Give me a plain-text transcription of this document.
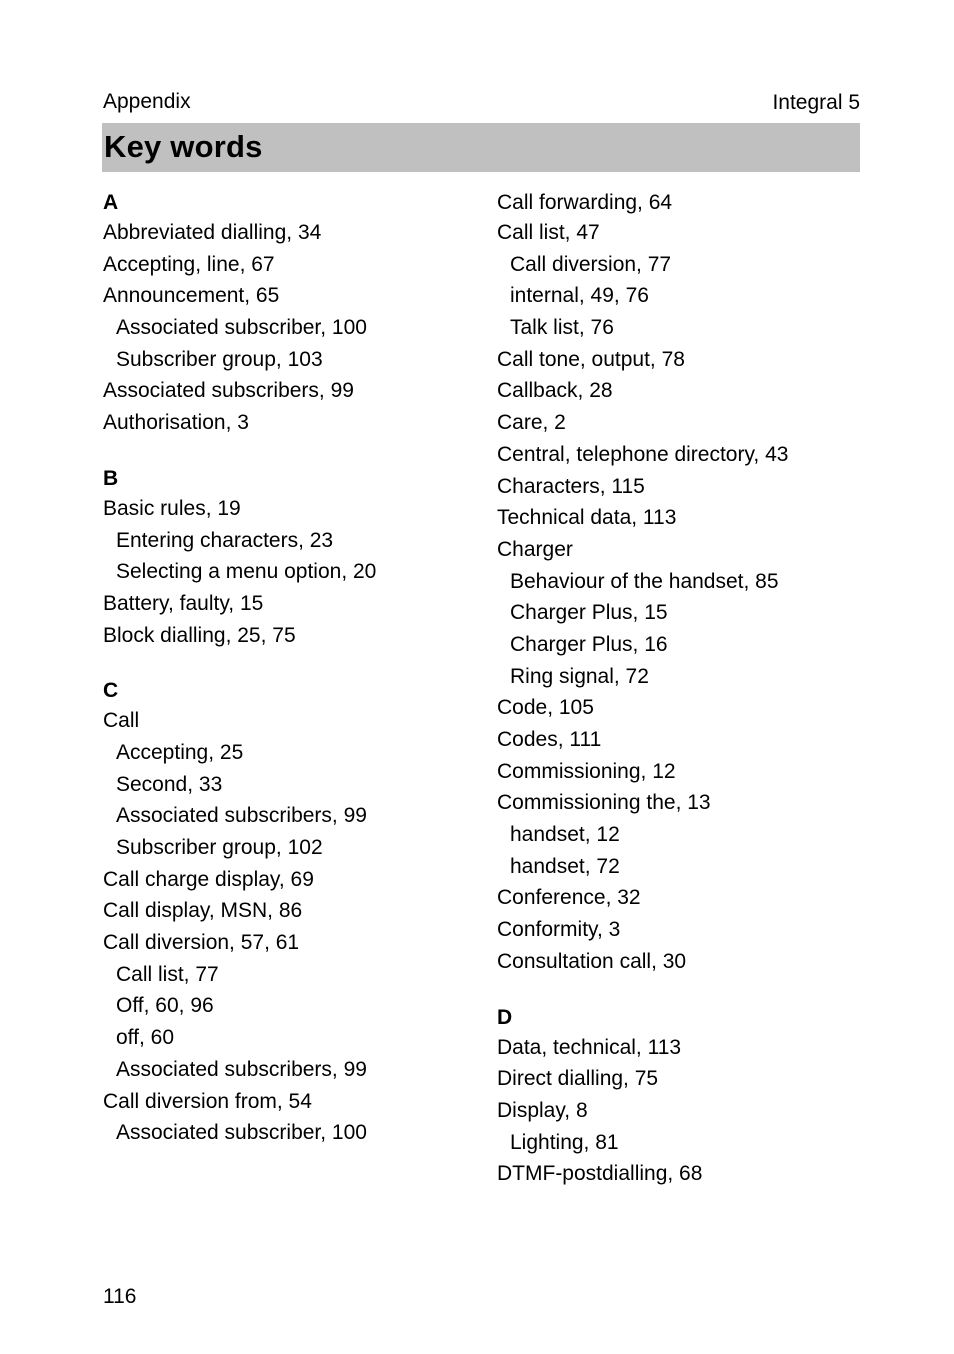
Appendix	Integral 5
Key words
A
Abbreviated dialling, 34
Accepting, line, 67
Announcement, 65
Associated subscriber, 100
Subscriber group, 103
Associated subscribers, 99
Authorisation, 3
B
Basic rules, 19
Entering characters, 23
Selecting a menu option, 20
Battery, faulty, 15
Block dialling, 25, 75
C
Call
Accepting, 25
Second, 33
Associated subscribers, 99
Subscriber group, 102
Call charge display, 69
Call display, MSN, 86
Call diversion, 57, 61
Call list, 77
Off, 60, 96
off, 60
Associated subscribers, 99
Call diversion from, 54
Associated subscriber, 100
Call forwarding, 64
Call list, 47
Call diversion, 77
internal, 49, 76
Talk list, 76
Call tone, output, 78
Callback, 28
Care, 2
Central, telephone directory, 43
Characters, 115
Technical data, 113
Charger
Behaviour of the handset, 85
Charger Plus, 15
Charger Plus, 16
Ring signal, 72
Code, 105
Codes, 111
Commissioning, 12
Commissioning the, 13
handset, 12
handset, 72
Conference, 32
Conformity, 3
Consultation call, 30
D
Data, technical, 113
Direct dialling, 75
Display, 8
Lighting, 81
DTMF-postdialling, 68
116
